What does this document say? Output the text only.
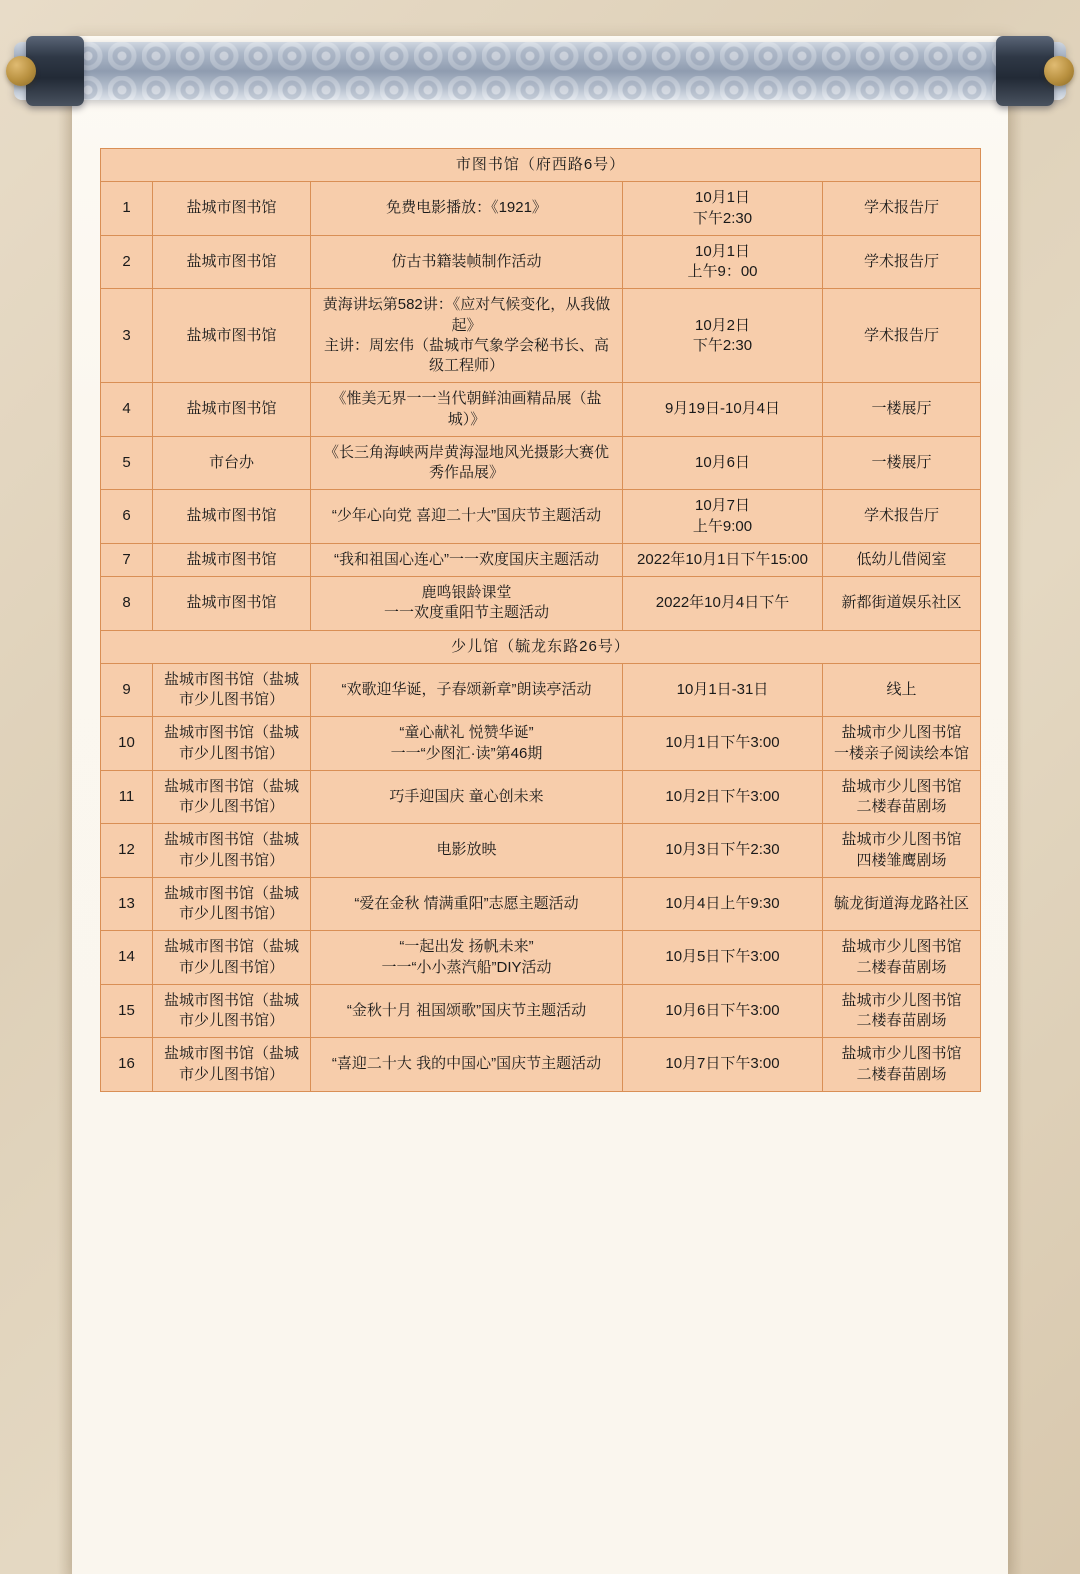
市图书馆（府西路6号）				

1	盐城市图书馆	免费电影播放：《1921》	10月1日
下午2:30	学术报告厅

2	盐城市图书馆	仿古书籍装帧制作活动	10月1日
上午9：00	学术报告厅

3	盐城市图书馆	黄海讲坛第582讲：《应对气候变化，从我做起》
主讲：周宏伟（盐城市气象学会秘书长、高级工程师）	10月2日
下午2:30	学术报告厅

4	盐城市图书馆	《惟美无界一一当代朝鲜油画精品展（盐城）》	9月19日-10月4日	一楼展厅

5	市台办	《长三角海峡两岸黄海湿地风光摄影大赛优秀作品展》	10月6日	一楼展厅

6	盐城市图书馆	“少年心向党 喜迎二十大”国庆节主题活动	10月7日
上午9:00	学术报告厅

7	盐城市图书馆	“我和祖国心连心”一一欢度国庆主题活动	2022年10月1日下午15:00	低幼儿借阅室

8	盐城市图书馆	鹿鸣银龄课堂
一一欢度重阳节主题活动	2022年10月4日下午	新都街道娱乐社区

少儿馆（毓龙东路26号）				

9	盐城市图书馆（盐城市少儿图书馆）	“欢歌迎华诞，子春颂新章”朗读亭活动	10月1日-31日	线上

10	盐城市图书馆（盐城市少儿图书馆）	“童心献礼 悦赞华诞”
一一“少图汇·读”第46期	10月1日下午3:00	盐城市少儿图书馆
一楼亲子阅读绘本馆

11	盐城市图书馆（盐城市少儿图书馆）	巧手迎国庆 童心创未来	10月2日下午3:00	盐城市少儿图书馆
二楼春苗剧场

12	盐城市图书馆（盐城市少儿图书馆）	电影放映	10月3日下午2:30	盐城市少儿图书馆
四楼雏鹰剧场

13	盐城市图书馆（盐城市少儿图书馆）	“爱在金秋 情满重阳”志愿主题活动	10月4日上午9:30	毓龙街道海龙路社区

14	盐城市图书馆（盐城市少儿图书馆）	“一起出发 扬帆未来”
一一“小小蒸汽船”DIY活动	10月5日下午3:00	盐城市少儿图书馆
二楼春苗剧场

15	盐城市图书馆（盐城市少儿图书馆）	“金秋十月 祖国颂歌”国庆节主题活动	10月6日下午3:00	盐城市少儿图书馆
二楼春苗剧场

16	盐城市图书馆（盐城市少儿图书馆）	“喜迎二十大 我的中国心”国庆节主题活动	10月7日下午3:00	盐城市少儿图书馆
二楼春苗剧场
